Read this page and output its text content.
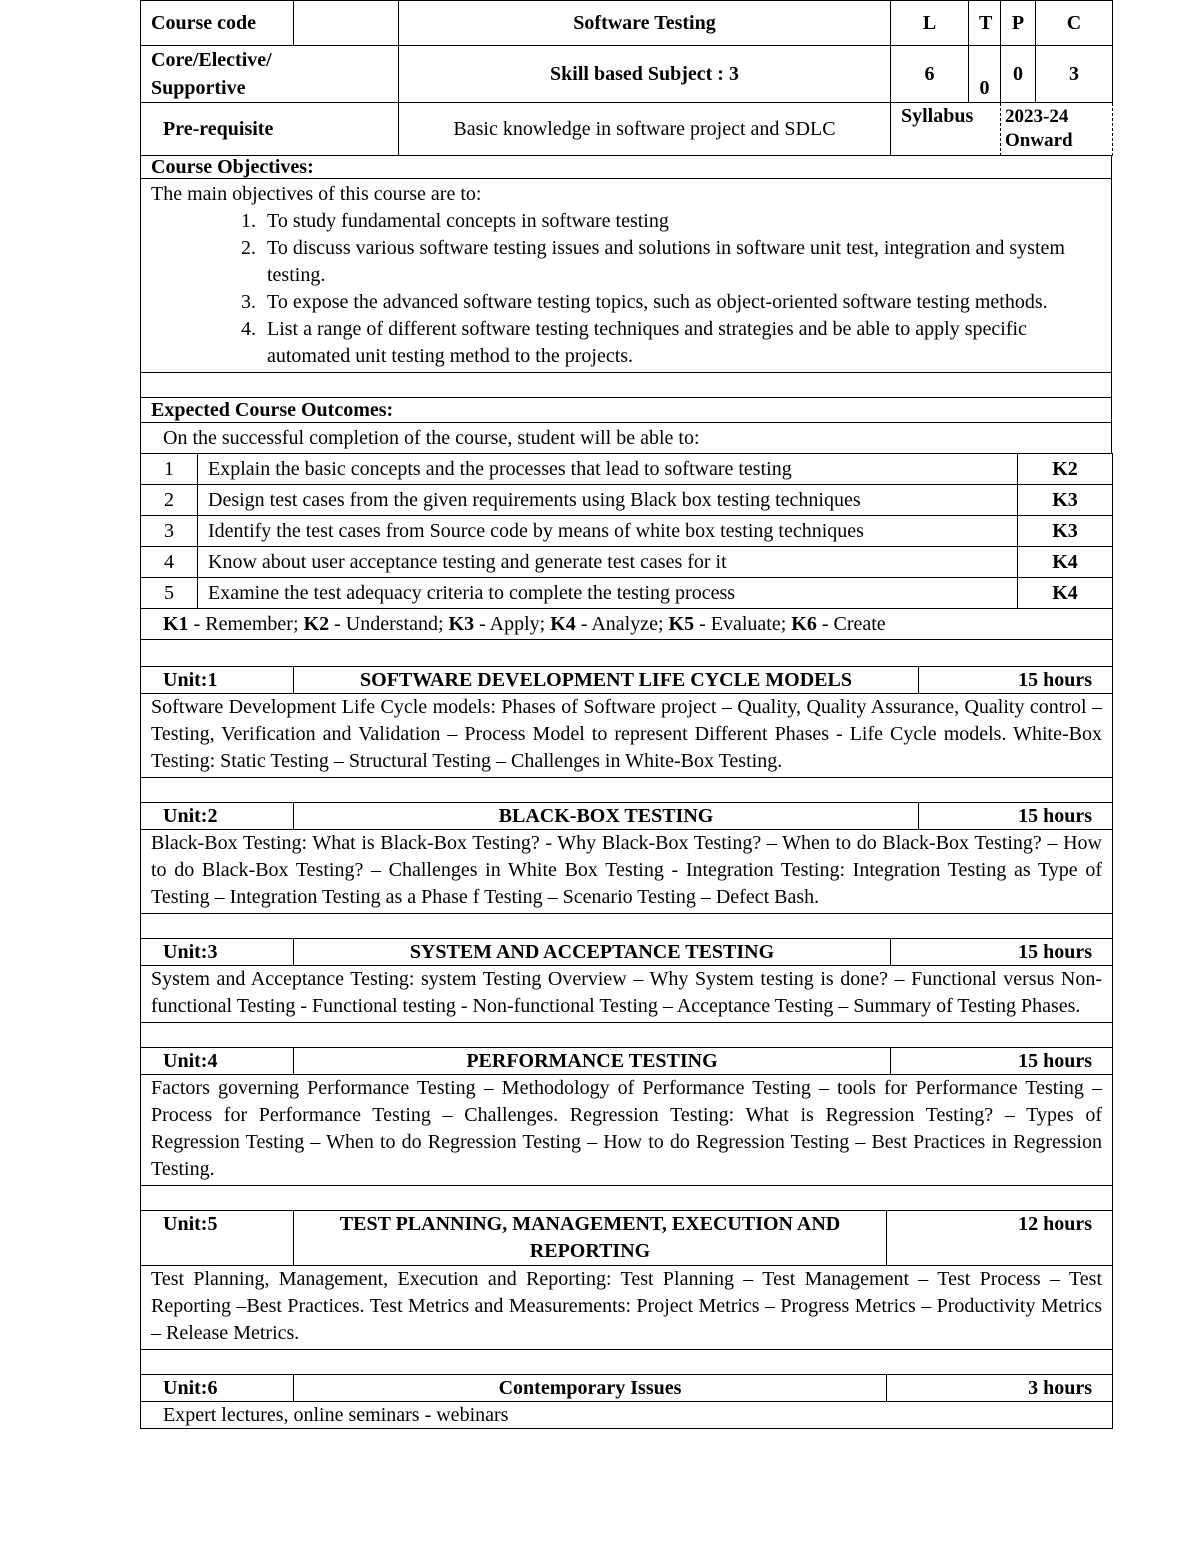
Course code		Software Testing	L	T	P	C
Core/Elective/
Supportive		Skill based Subject : 3	6	0	0	3
Pre-requisite		Basic knowledge in software project and SDLC	Syllabus		2023-24
Onward	
Course Objectives:

The main objectives of this course are to:
1. To study fundamental concepts in software testing
2. To discuss various software testing issues and solutions in software unit test, integration and system testing.
3. To expose the advanced software testing topics, such as object-oriented software testing methods.
4. List a range of different software testing techniques and strategies and be able to apply specific automated unit testing method to the projects.

Expected Course Outcomes:
On the successful completion of the course, student will be able to:
1	Explain the basic concepts and the processes that lead to software testing	K2
2	Design test cases from the given requirements using Black box testing techniques	K3
3	Identify the test cases from Source code by means of white box testing techniques	K3
4	Know about user acceptance testing and generate test cases for it	K4
5	Examine the test adequacy criteria to complete the testing process	K4
K1 - Remember; K2 - Understand; K3 - Apply; K4 - Analyze; K5 - Evaluate; K6 - Create		

Unit:1	SOFTWARE DEVELOPMENT LIFE CYCLE MODELS	15 hours
Software Development Life Cycle models: Phases of Software project – Quality, Quality Assurance, Quality control – Testing, Verification and Validation – Process Model to represent Different Phases - Life Cycle models. White-Box Testing: Static Testing – Structural Testing – Challenges in White-Box Testing.

Unit:2	BLACK-BOX TESTING	15 hours
Black-Box Testing: What is Black-Box Testing? - Why Black-Box Testing? – When to do Black-Box Testing? – How to do Black-Box Testing? – Challenges in White Box Testing - Integration Testing: Integration Testing as Type of Testing – Integration Testing as a Phase f Testing – Scenario Testing – Defect Bash.

Unit:3	SYSTEM AND ACCEPTANCE TESTING	15 hours
System and Acceptance Testing: system Testing Overview – Why System testing is done? – Functional versus Non-functional Testing - Functional testing - Non-functional Testing – Acceptance Testing – Summary of Testing Phases.

Unit:4	PERFORMANCE TESTING	15 hours
Factors governing Performance Testing – Methodology of Performance Testing – tools for Performance Testing – Process for Performance Testing – Challenges. Regression Testing: What is Regression Testing? – Types of Regression Testing – When to do Regression Testing – How to do Regression Testing – Best Practices in Regression Testing.

Unit:5	TEST PLANNING, MANAGEMENT, EXECUTION AND REPORTING	12 hours
Test Planning, Management, Execution and Reporting: Test Planning – Test Management – Test Process – Test Reporting –Best Practices. Test Metrics and Measurements: Project Metrics – Progress Metrics – Productivity Metrics – Release Metrics.

Unit:6	Contemporary Issues	3 hours
Expert lectures, online seminars - webinars
